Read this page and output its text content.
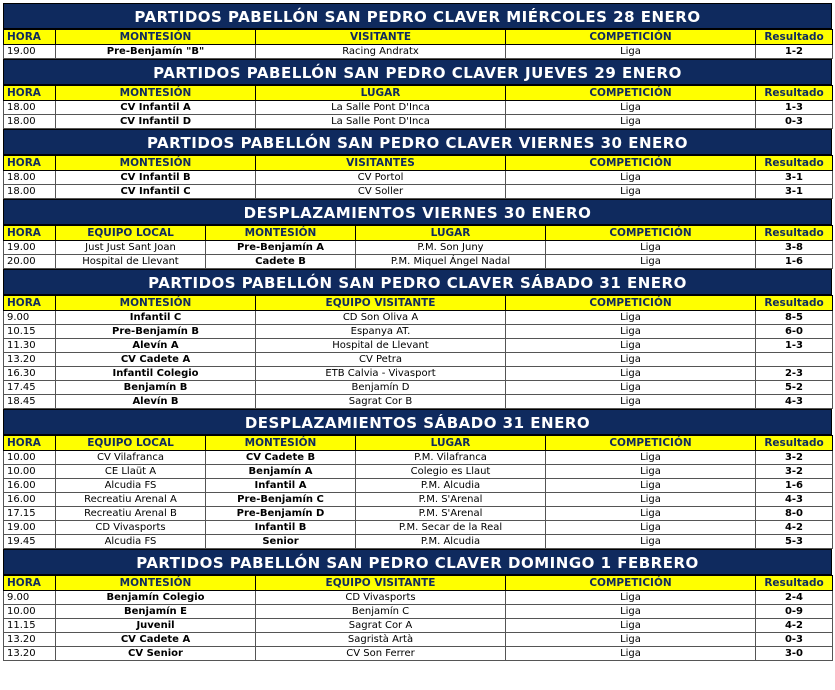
PARTIDOS PABELLÓN SAN PEDRO CLAVER MIÉRCOLES 28 ENERO
HORA	MONTESIÓN	VISITANTE	COMPETICIÓN	Resultado
19.00	Pre-Benjamín "B"	Racing Andratx	Liga	1-2
PARTIDOS PABELLÓN SAN PEDRO CLAVER JUEVES 29 ENERO
HORA	MONTESIÓN	LUGAR	COMPETICIÓN	Resultado
18.00	CV Infantil A	La Salle Pont D'Inca	Liga	1-3
18.00	CV Infantil D	La Salle Pont D'Inca	Liga	0-3
PARTIDOS PABELLÓN SAN PEDRO CLAVER VIERNES 30 ENERO
HORA	MONTESIÓN	VISITANTES	COMPETICIÓN	Resultado
18.00	CV Infantil B	CV Portol	Liga	3-1
18.00	CV Infantil C	CV Soller	Liga	3-1
DESPLAZAMIENTOS VIERNES 30 ENERO
HORA	EQUIPO LOCAL	MONTESIÓN	LUGAR	COMPETICIÓN	Resultado
19.00	Just Just Sant Joan	Pre-Benjamín A	P.M. Son Juny	Liga	3-8
20.00	Hospital de Llevant	Cadete B	P.M. Miquel Ángel Nadal	Liga	1-6
PARTIDOS PABELLÓN SAN PEDRO CLAVER SÁBADO 31 ENERO
HORA	MONTESIÓN	EQUIPO VISITANTE	COMPETICIÓN	Resultado
9.00	Infantil C	CD Son Oliva A	Liga	8-5
10.15	Pre-Benjamín B	Espanya AT.	Liga	6-0
11.30	Alevín A	Hospital de Llevant	Liga	1-3
13.20	CV Cadete A	CV Petra	Liga	
16.30	Infantil Colegio	ETB Calvia - Vivasport	Liga	2-3
17.45	Benjamín B	Benjamín D	Liga	5-2
18.45	Alevín B	Sagrat Cor B	Liga	4-3
DESPLAZAMIENTOS SÁBADO 31 ENERO
HORA	EQUIPO LOCAL	MONTESIÓN	LUGAR	COMPETICIÓN	Resultado
10.00	CV Vilafranca	CV Cadete B	P.M. Vilafranca	Liga	3-2
10.00	CE Llaüt A	Benjamín A	Colegio es Llaut	Liga	3-2
16.00	Alcudia FS	Infantil A	P.M. Alcudia	Liga	1-6
16.00	Recreatiu Arenal A	Pre-Benjamín C	P.M. S'Arenal	Liga	4-3
17.15	Recreatiu Arenal B	Pre-Benjamín D	P.M. S'Arenal	Liga	8-0
19.00	CD Vivasports	Infantil B	P.M. Secar de la Real	Liga	4-2
19.45	Alcudia FS	Senior	P.M. Alcudia	Liga	5-3
PARTIDOS PABELLÓN SAN PEDRO CLAVER DOMINGO 1 FEBRERO
HORA	MONTESIÓN	EQUIPO VISITANTE	COMPETICIÓN	Resultado
9.00	Benjamín Colegio	CD Vivasports	Liga	2-4
10.00	Benjamín E	Benjamín C	Liga	0-9
11.15	Juvenil	Sagrat Cor A	Liga	4-2
13.20	CV Cadete A	Sagristà Artà	Liga	0-3
13.20	CV Senior	CV Son Ferrer	Liga	3-0
